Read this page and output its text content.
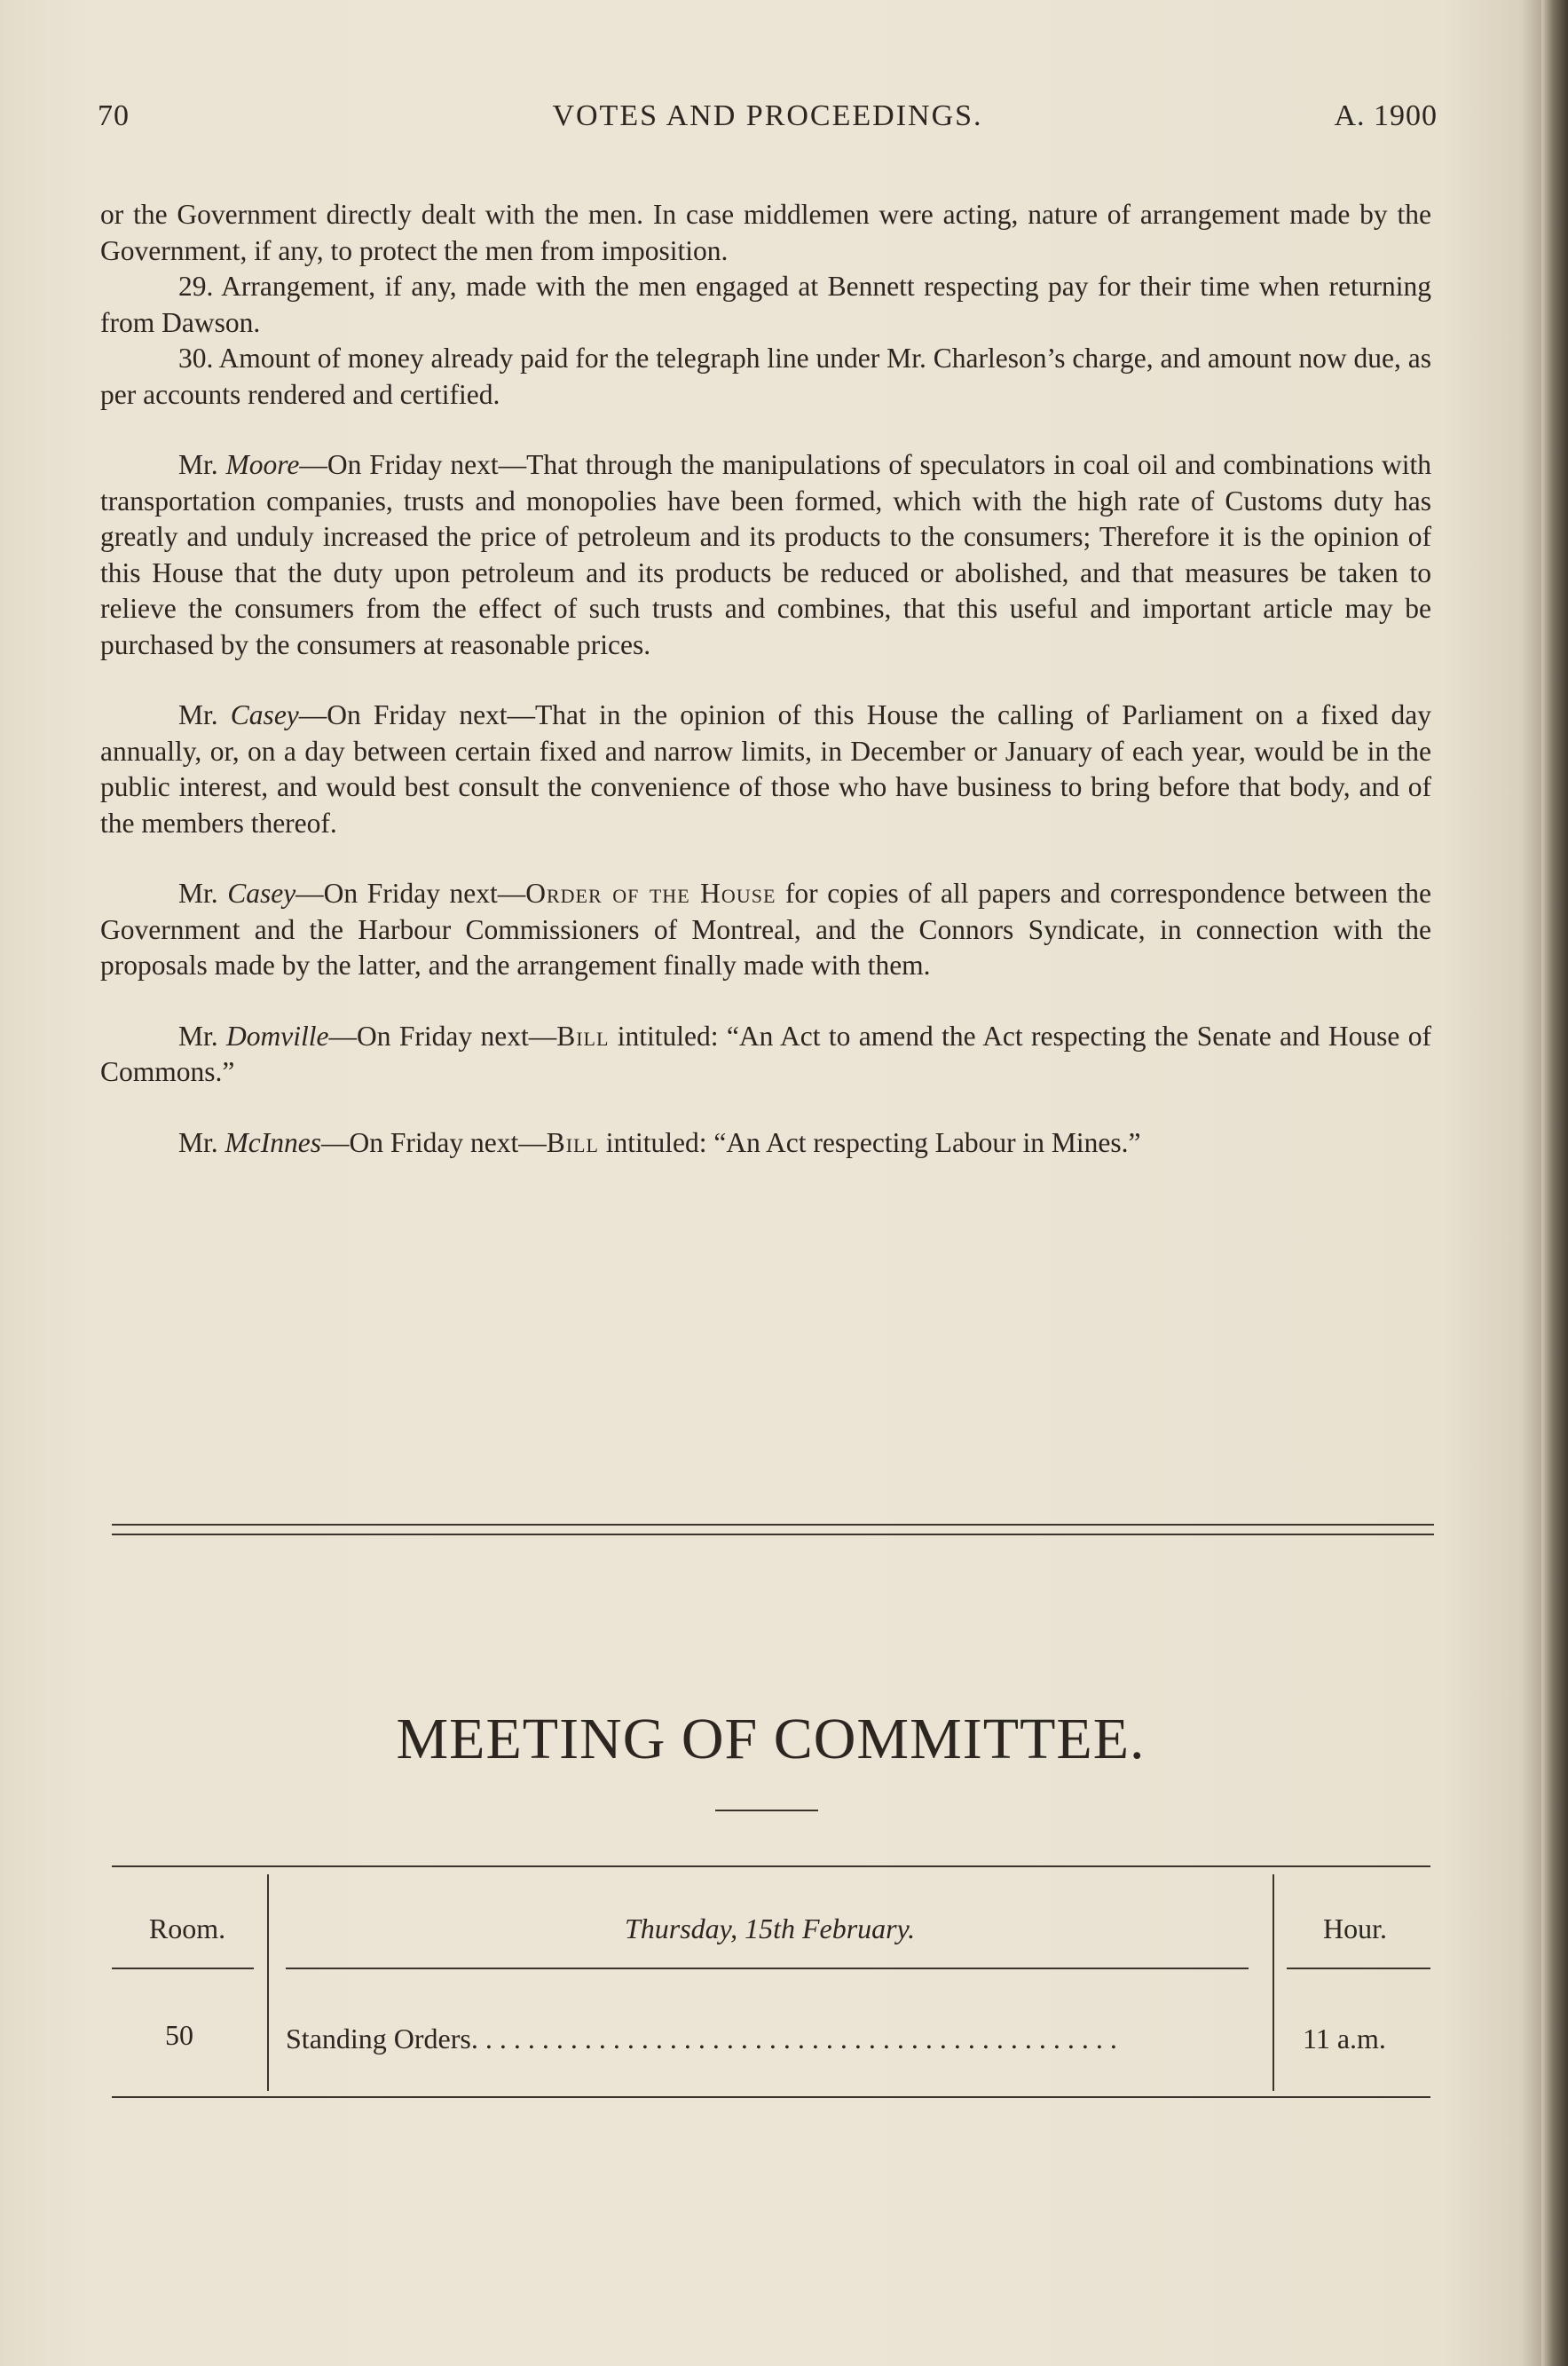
70	VOTES AND PROCEEDINGS.	A. 1900

or the Government directly dealt with the men. In case middlemen were acting, nature of arrangement made by the Government, if any, to protect the men from imposition.

29. Arrangement, if any, made with the men engaged at Bennett respecting pay for their time when returning from Dawson.

30. Amount of money already paid for the telegraph line under Mr. Charleson’s charge, and amount now due, as per accounts rendered and certified.

Mr. Moore—On Friday next—That through the manipulations of speculators in coal oil and combinations with transportation companies, trusts and monopolies have been formed, which with the high rate of Customs duty has greatly and unduly increased the price of petroleum and its products to the consumers; Therefore it is the opinion of this House that the duty upon petroleum and its products be reduced or abolished, and that measures be taken to relieve the consumers from the effect of such trusts and combines, that this useful and important article may be purchased by the consumers at reasonable prices.

Mr. Casey—On Friday next—That in the opinion of this House the calling of Parliament on a fixed day annually, or, on a day between certain fixed and narrow limits, in December or January of each year, would be in the public interest, and would best consult the convenience of those who have business to bring before that body, and of the members thereof.

Mr. Casey—On Friday next—Order of the House for copies of all papers and correspondence between the Government and the Harbour Commissioners of Montreal, and the Connors Syndicate, in connection with the proposals made by the latter, and the arrangement finally made with them.

Mr. Domville—On Friday next—Bill intituled: “An Act to amend the Act respecting the Senate and House of Commons.”

Mr. McInnes—On Friday next—Bill intituled: “An Act respecting Labour in Mines.”

MEETING OF COMMITTEE.
Room.	Thursday, 15th February.	Hour.
50	Standing Orders. . . . . . . . . . . . . . . . . . . . . . . . . . . . . . . . . . . . . . . . . . . . . .	11 a.m.
